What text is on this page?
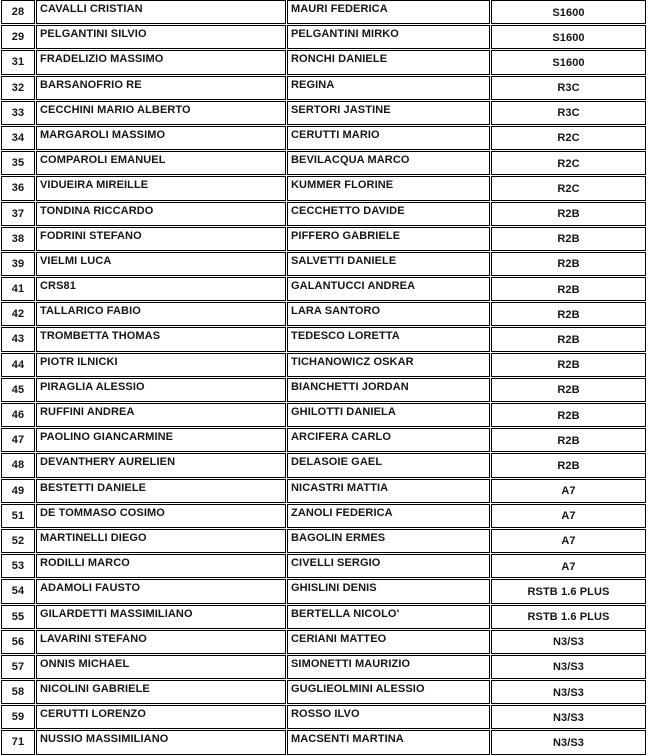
28	CAVALLI CRISTIAN	MAURI FEDERICA	S1600
29	PELGANTINI SILVIO	PELGANTINI MIRKO	S1600
31	FRADELIZIO MASSIMO	RONCHI DANIELE	S1600
32	BARSANOFRIO RE	REGINA	R3C
33	CECCHINI MARIO ALBERTO	SERTORI JASTINE	R3C
34	MARGAROLI MASSIMO	CERUTTI MARIO	R2C
35	COMPAROLI EMANUEL	BEVILACQUA MARCO	R2C
36	VIDUEIRA MIREILLE	KUMMER FLORINE	R2C
37	TONDINA RICCARDO	CECCHETTO DAVIDE	R2B
38	FODRINI STEFANO	PIFFERO GABRIELE	R2B
39	VIELMI LUCA	SALVETTI DANIELE	R2B
41	CRS81	GALANTUCCI ANDREA	R2B
42	TALLARICO FABIO	LARA SANTORO	R2B
43	TROMBETTA THOMAS	TEDESCO LORETTA	R2B
44	PIOTR ILNICKI	TICHANOWICZ OSKAR	R2B
45	PIRAGLIA ALESSIO	BIANCHETTI JORDAN	R2B
46	RUFFINI ANDREA	GHILOTTI DANIELA	R2B
47	PAOLINO GIANCARMINE	ARCIFERA CARLO	R2B
48	DEVANTHERY AURELIEN	DELASOIE GAEL	R2B
49	BESTETTI DANIELE	NICASTRI MATTIA	A7
51	DE TOMMASO COSIMO	ZANOLI FEDERICA	A7
52	MARTINELLI DIEGO	BAGOLIN ERMES	A7
53	RODILLI MARCO	CIVELLI SERGIO	A7
54	ADAMOLI FAUSTO	GHISLINI DENIS	RSTB 1.6 PLUS
55	GILARDETTI MASSIMILIANO	BERTELLA NICOLO'	RSTB 1.6 PLUS
56	LAVARINI STEFANO	CERIANI MATTEO	N3/S3
57	ONNIS MICHAEL	SIMONETTI MAURIZIO	N3/S3
58	NICOLINI GABRIELE	GUGLIEOLMINI ALESSIO	N3/S3
59	CERUTTI LORENZO	ROSSO ILVO	N3/S3
71	NUSSIO MASSIMILIANO	MACSENTI MARTINA	N3/S3
